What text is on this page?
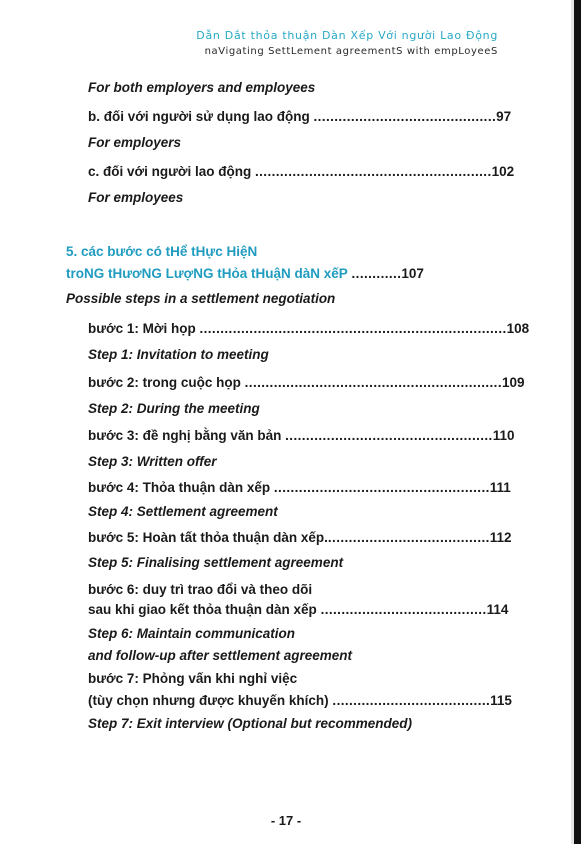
Dẫn Dắt thỏa thuận Dàn Xếp Với người Lao Động
naVigating SettLement agreementS with empLoyeeS
For both employers and employees
b. đối với người sử dụng lao động ............................................97
For employers
c. đối với người lao động .........................................................102
For employees
5. các bước có tHể tHực HiệN
troNG tHươNG LượNG tHỏa tHuậN dàN xếP ............107
Possible steps in a settlement negotiation
bước 1: Mời họp ..........................................................................108
Step 1: Invitation to meeting
bước 2: trong cuộc họp ..............................................................109
Step 2: During the meeting
bước 3: đề nghị bằng văn bản ..................................................110
Step 3: Written offer
bước 4: Thỏa thuận dàn xếp ....................................................111
Step 4: Settlement agreement
bước 5: Hoàn tất thỏa thuận dàn xếp........................................112
Step 5: Finalising settlement agreement
bước 6: duy trì trao đổi và theo dõi
sau khi giao kết thỏa thuận dàn xếp ........................................114
Step 6: Maintain communication
and follow-up after settlement agreement
bước 7: Phỏng vấn khi nghỉ việc
(tùy chọn nhưng được khuyến khích) ......................................115
Step 7: Exit interview (Optional but recommended)
- 17 -
